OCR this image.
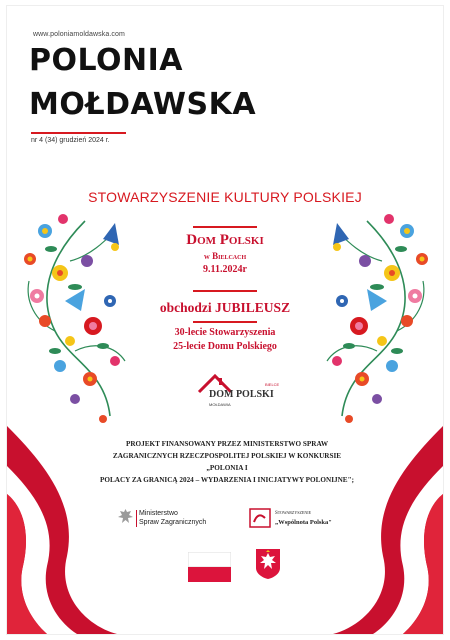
www.poloniamoldawska.com
POLONIA
MOŁDAWSKA
nr 4 (34) grudzień 2024 r.
STOWARZYSZENIE KULTURY POLSKIEJ
Dom Polski
w Bielcach
9.11.2024r
obchodzi JUBILEUSZ
30-lecie Stowarzyszenia
25-lecie Domu Polskiego
BIELCE
DOM POLSKI
MOŁDAWIA
PROJEKT FINANSOWANY PRZEZ MINISTERSTWO SPRAW
ZAGRANICZNYCH RZECZPOSPOLITEJ POLSKIEJ W KONKURSIE „POLONIA I
POLACY ZA GRANICĄ 2024 – WYDARZENIA I INICJATYWY POLONIJNE";
Ministerstwo
Spraw Zagranicznych
Stowarzyszenie
„Wspólnota Polska"
